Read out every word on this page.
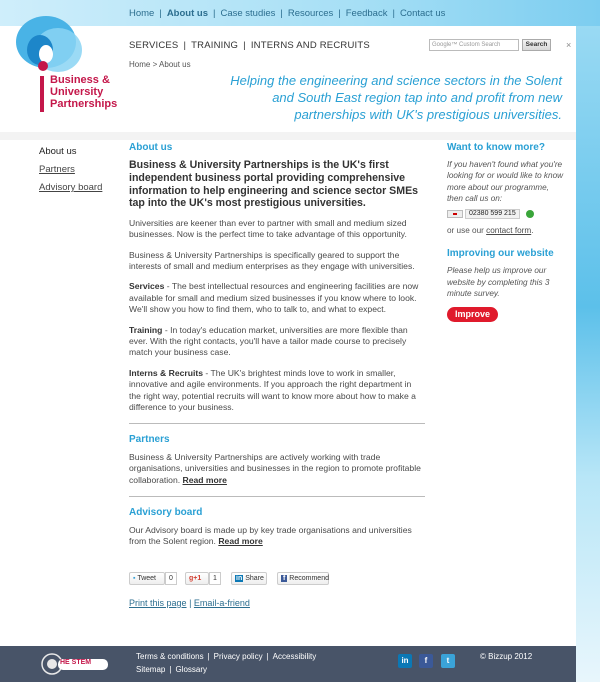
Business &
University
Partnerships
Home | About us | Case studies | Resources | Feedback | Contact us
SERVICES | TRAINING | INTERNS AND RECRUITS	Google™ Custom Search	Search	×
Home > About us
Helping the engineering and science sectors in the Solent and South East region tap into and profit from new partnerships with UK's prestigious universities.
About us
Partners
Advisory board
About us
Business & University Partnerships is the UK's first independent business portal providing comprehensive information to help engineering and science sector SMEs tap into the UK's most prestigious universities.
Universities are keener than ever to partner with small and medium sized businesses. Now is the perfect time to take advantage of this opportunity.
Business & University Partnerships is specifically geared to support the interests of small and medium enterprises as they engage with universities.
Services - The best intellectual resources and engineering facilities are now available for small and medium sized businesses if you know where to look. We'll show you how to find them, who to talk to, and what to expect.
Training - In today's education market, universities are more flexible than ever. With the right contacts, you'll have a tailor made course to precisely match your business case.
Interns & Recruits - The UK's brightest minds love to work in smaller, innovative and agile environments. If you approach the right department in the right way, potential recruits will want to know more about how to make a difference to your business.
Partners
Business & University Partnerships are actively working with trade organisations, universities and businesses in the region to promote profitable collaboration. Read more
Advisory board
Our Advisory board is made up by key trade organisations and universities from the Solent region. Read more
▪ Tweet	0	g+1	1	in Share	f Recommend
Print this page | Email-a-friend
Want to know more?
If you haven't found what you're looking for or would like to know more about our programme, then call us on:
02380 599 215
or use our contact form.
Improving our website
Please help us improve our website by completing this 3 minute survey.
Improve
HE STEM
Terms & conditions | Privacy policy | Accessibility
Sitemap | Glossary
in	f	t	© Bizzup 2012
